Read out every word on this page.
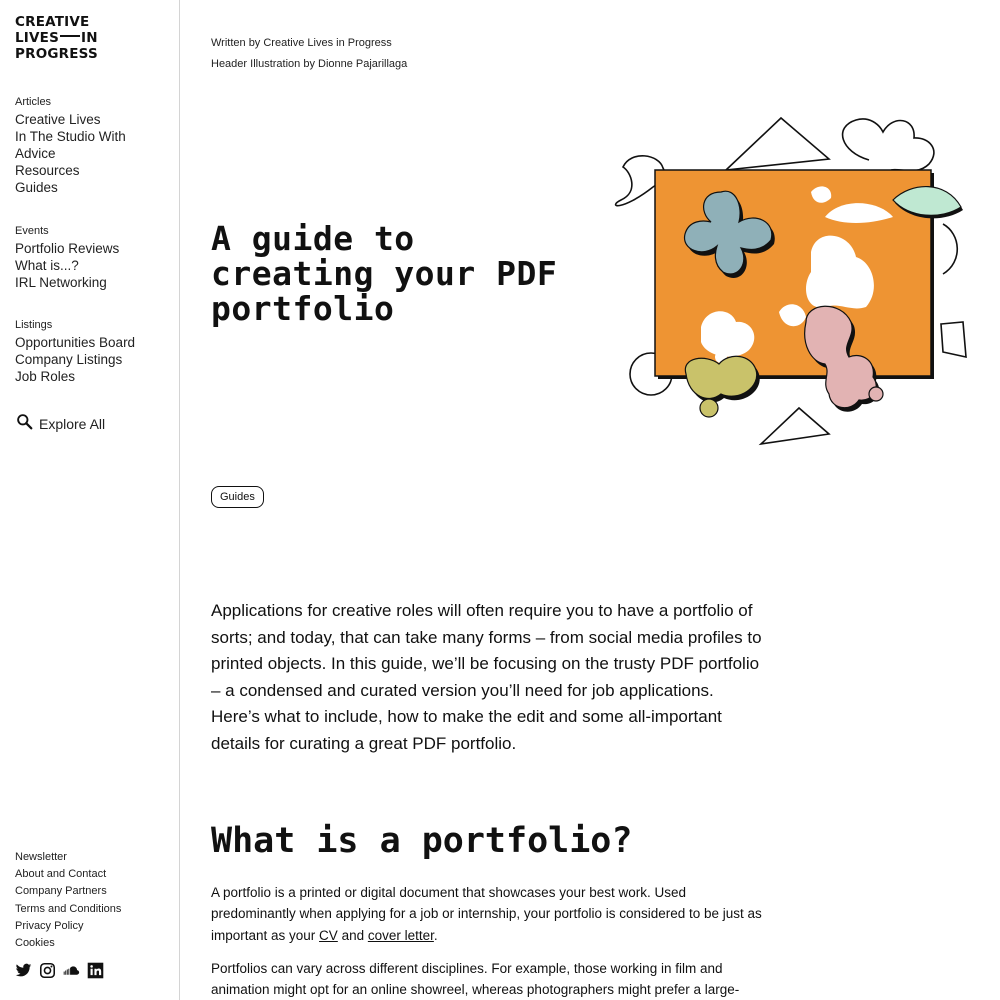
CREATIVE
LIVES IN
PROGRESS
Articles
Creative Lives
In The Studio With
Advice
Resources
Guides
Events
Portfolio Reviews
What is...?
IRL Networking
Listings
Opportunities Board
Company Listings
Job Roles
Explore All
Newsletter
About and Contact
Company Partners
Terms and Conditions
Privacy Policy
Cookies
Written by Creative Lives in Progress
Header Illustration by Dionne Pajarillaga
A guide to creating your PDF portfolio
Guides

Applications for creative roles will often require you to have a portfolio of sorts; and today, that can take many forms – from social media profiles to printed objects. In this guide, we’ll be focusing on the trusty PDF portfolio – a condensed and curated version you’ll need for job applications. Here’s what to include, how to make the edit and some all-important details for curating a great PDF portfolio.

What is a portfolio?

A portfolio is a printed or digital document that showcases your best work. Used predominantly when applying for a job or internship, your portfolio is considered to be just as important as your CV and cover letter.

Portfolios can vary across different disciplines. For example, those working in film and animation might opt for an online showreel, whereas photographers might prefer a large-
